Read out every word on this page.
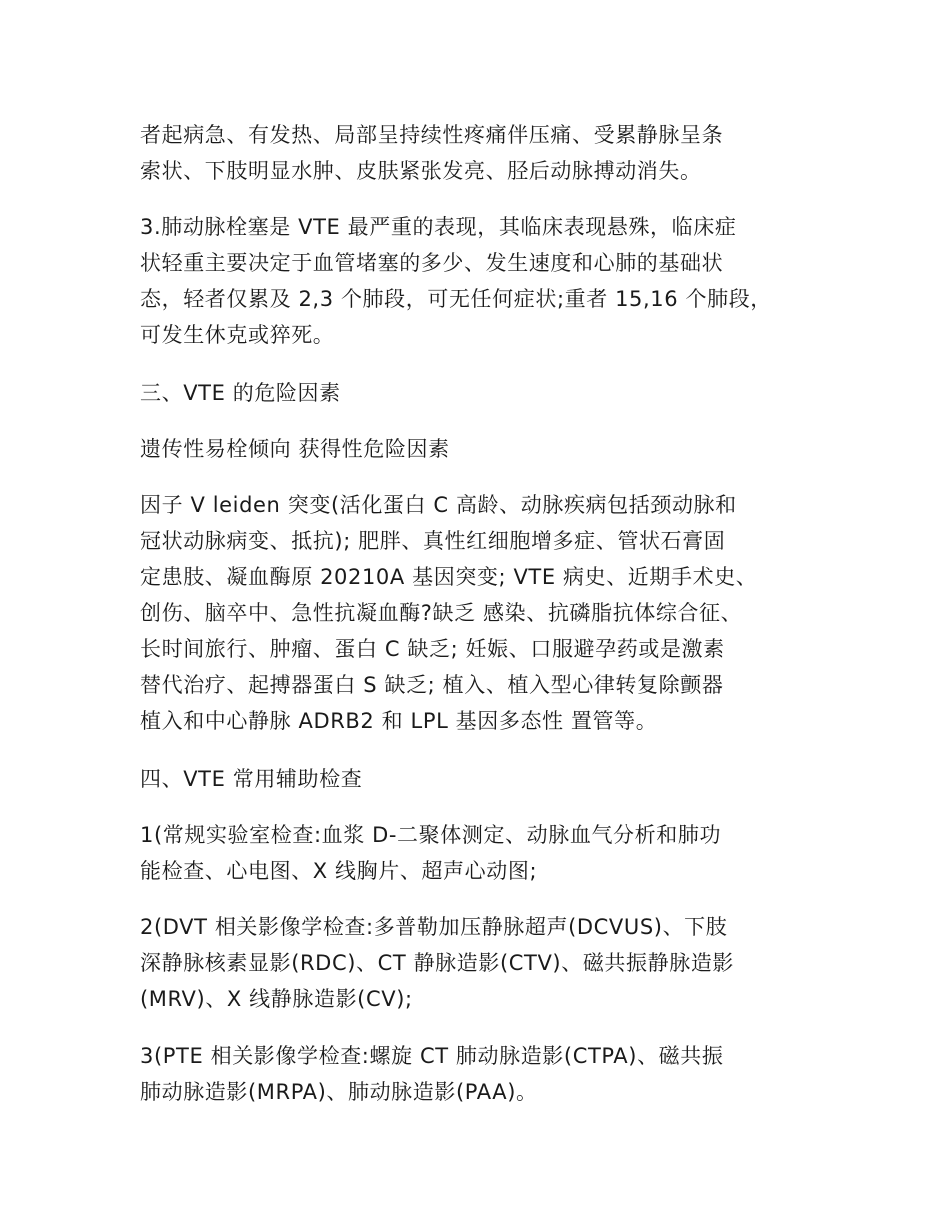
者起病急、有发热、局部呈持续性疼痛伴压痛、受累静脉呈条
索状、下肢明显水肿、皮肤紧张发亮、胫后动脉搏动消失。
3.肺动脉栓塞是 VTE 最严重的表现，其临床表现悬殊，临床症
状轻重主要决定于血管堵塞的多少、发生速度和心肺的基础状
态，轻者仅累及 2,3 个肺段，可无任何症状;重者 15,16 个肺段，
可发生休克或猝死。
三、VTE 的危险因素
遗传性易栓倾向 获得性危险因素
因子 V leiden 突变(活化蛋白 C 高龄、动脉疾病包括颈动脉和
冠状动脉病变、抵抗); 肥胖、真性红细胞增多症、管状石膏固
定患肢、凝血酶原 20210A 基因突变; VTE 病史、近期手术史、
创伤、脑卒中、急性抗凝血酶?缺乏 感染、抗磷脂抗体综合征、
长时间旅行、肿瘤、蛋白 C 缺乏; 妊娠、口服避孕药或是激素
替代治疗、起搏器蛋白 S 缺乏; 植入、植入型心律转复除颤器
植入和中心静脉 ADRB2 和 LPL 基因多态性 置管等。
四、VTE 常用辅助检查
1(常规实验室检查:血浆 D-二聚体测定、动脉血气分析和肺功
能检查、心电图、X 线胸片、超声心动图;
2(DVT 相关影像学检查:多普勒加压静脉超声(DCVUS)、下肢
深静脉核素显影(RDC)、CT 静脉造影(CTV)、磁共振静脉造影
(MRV)、X 线静脉造影(CV);
3(PTE 相关影像学检查:螺旋 CT 肺动脉造影(CTPA)、磁共振
肺动脉造影(MRPA)、肺动脉造影(PAA)。
